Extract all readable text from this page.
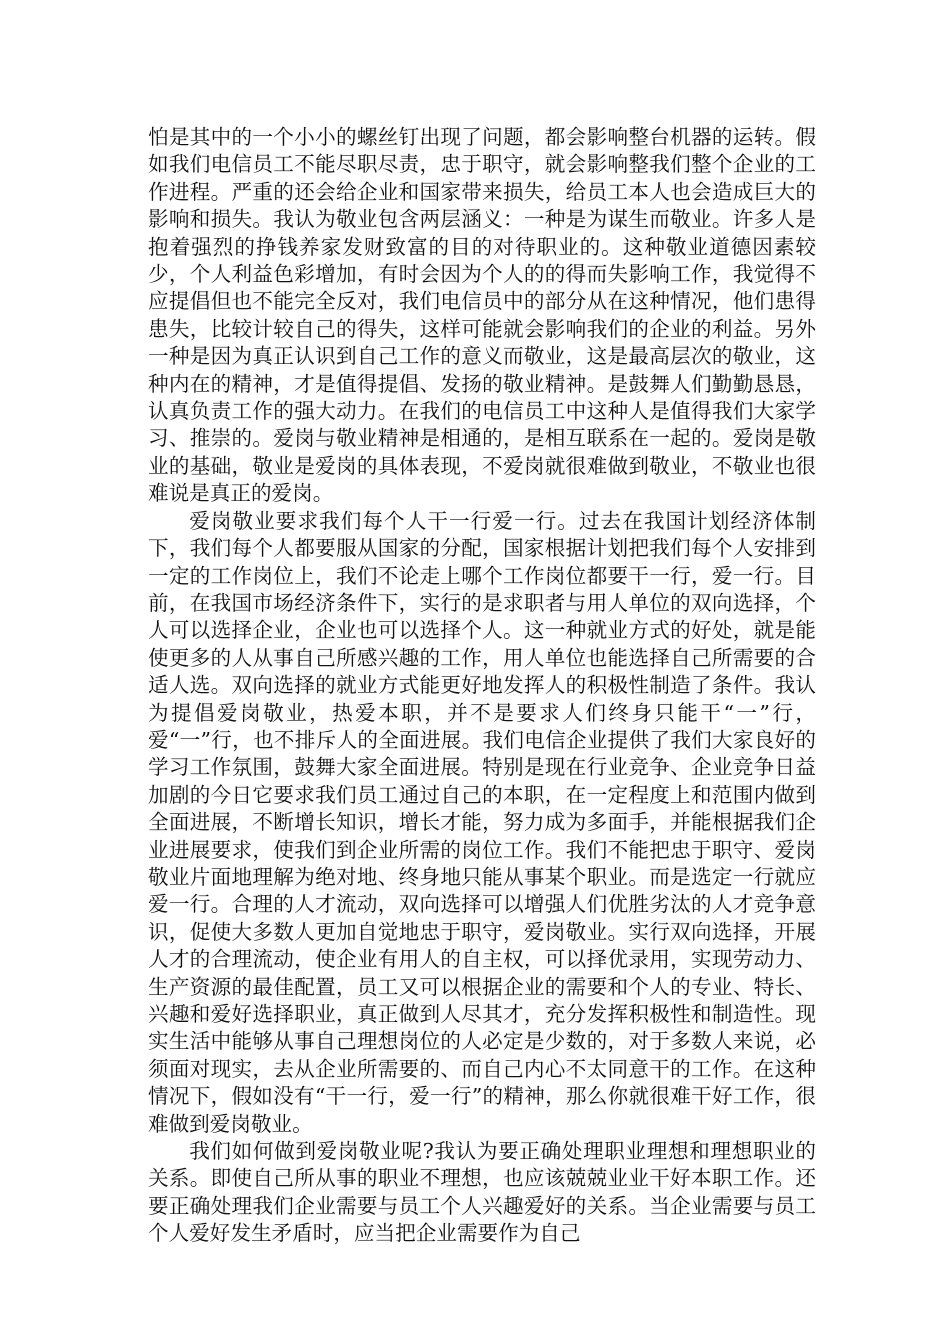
怕是其中的一个小小的螺丝钉出现了问题，都会影响整台机器的运转。假如我们电信员工不能尽职尽责，忠于职守，就会影响整我们整个企业的工作进程。严重的还会给企业和国家带来损失，给员工本人也会造成巨大的影响和损失。我认为敬业包含两层涵义：一种是为谋生而敬业。许多人是抱着强烈的挣钱养家发财致富的目的对待职业的。这种敬业道德因素较少，个人利益色彩增加，有时会因为个人的的得而失影响工作，我觉得不应提倡但也不能完全反对，我们电信员中的部分从在这种情况，他们患得患失，比较计较自己的得失，这样可能就会影响我们的企业的利益。另外一种是因为真正认识到自己工作的意义而敬业，这是最高层次的敬业，这种内在的精神，才是值得提倡、发扬的敬业精神。是鼓舞人们勤勤恳恳，认真负责工作的强大动力。在我们的电信员工中这种人是值得我们大家学习、推崇的。爱岗与敬业精神是相通的，是相互联系在一起的。爱岗是敬业的基础，敬业是爱岗的具体表现，不爱岗就很难做到敬业，不敬业也很难说是真正的爱岗。

爱岗敬业要求我们每个人干一行爱一行。过去在我国计划经济体制下，我们每个人都要服从国家的分配，国家根据计划把我们每个人安排到一定的工作岗位上，我们不论走上哪个工作岗位都要干一行，爱一行。目前，在我国市场经济条件下，实行的是求职者与用人单位的双向选择，个人可以选择企业，企业也可以选择个人。这一种就业方式的好处，就是能使更多的人从事自己所感兴趣的工作，用人单位也能选择自己所需要的合适人选。双向选择的就业方式能更好地发挥人的积极性制造了条件。我认为提倡爱岗敬业，热爱本职，并不是要求人们终身只能干“一”行，爱“一”行，也不排斥人的全面进展。我们电信企业提供了我们大家良好的学习工作氛围，鼓舞大家全面进展。特别是现在行业竞争、企业竞争日益加剧的今日它要求我们员工通过自己的本职，在一定程度上和范围内做到全面进展，不断增长知识，增长才能，努力成为多面手，并能根据我们企业进展要求，使我们到企业所需的岗位工作。我们不能把忠于职守、爱岗敬业片面地理解为绝对地、终身地只能从事某个职业。而是选定一行就应爱一行。合理的人才流动，双向选择可以增强人们优胜劣汰的人才竞争意识，促使大多数人更加自觉地忠于职守，爱岗敬业。实行双向选择，开展人才的合理流动，使企业有用人的自主权，可以择优录用，实现劳动力、生产资源的最佳配置，员工又可以根据企业的需要和个人的专业、特长、兴趣和爱好选择职业，真正做到人尽其才，充分发挥积极性和制造性。现实生活中能够从事自己理想岗位的人必定是少数的，对于多数人来说，必须面对现实，去从企业所需要的、而自己内心不太同意干的工作。在这种情况下，假如没有“干一行，爱一行”的精神，那么你就很难干好工作，很难做到爱岗敬业。

我们如何做到爱岗敬业呢?我认为要正确处理职业理想和理想职业的关系。即使自己所从事的职业不理想，也应该兢兢业业干好本职工作。还要正确处理我们企业需要与员工个人兴趣爱好的关系。当企业需要与员工个人爱好发生矛盾时，应当把企业需要作为自己
